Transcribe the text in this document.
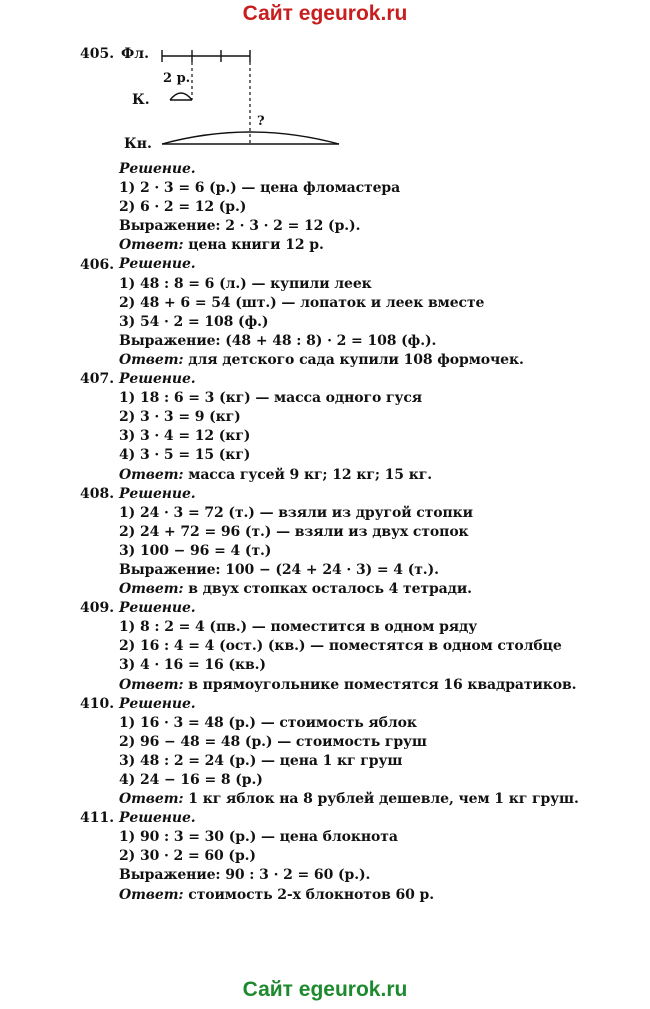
Сайт egeurok.ru
405. Фл.
К.
Кн.
2 р.
?
406.
407.
408.
409.
410.
411.
Решение.
1) 2 · 3 = 6 (р.) — цена фломастера
2) 6 · 2 = 12 (р.)
Выражение: 2 · 3 · 2 = 12 (р.).
Ответ: цена книги 12 р.
Решение.
1) 48 : 8 = 6 (л.) — купили леек
2) 48 + 6 = 54 (шт.) — лопаток и леек вместе
3) 54 · 2 = 108 (ф.)
Выражение: (48 + 48 : 8) · 2 = 108 (ф.).
Ответ: для детского сада купили 108 формочек.
Решение.
1) 18 : 6 = 3 (кг) — масса одного гуся
2) 3 · 3 = 9 (кг)
3) 3 · 4 = 12 (кг)
4) 3 · 5 = 15 (кг)
Ответ: масса гусей 9 кг; 12 кг; 15 кг.
Решение.
1) 24 · 3 = 72 (т.) — взяли из другой стопки
2) 24 + 72 = 96 (т.) — взяли из двух стопок
3) 100 − 96 = 4 (т.)
Выражение: 100 − (24 + 24 · 3) = 4 (т.).
Ответ: в двух стопках осталось 4 тетради.
Решение.
1) 8 : 2 = 4 (пв.) — поместится в одном ряду
2) 16 : 4 = 4 (ост.) (кв.) — поместятся в одном столбце
3) 4 · 16 = 16 (кв.)
Ответ: в прямоугольнике поместятся 16 квадратиков.
Решение.
1) 16 · 3 = 48 (р.) — стоимость яблок
2) 96 − 48 = 48 (р.) — стоимость груш
3) 48 : 2 = 24 (р.) — цена 1 кг груш
4) 24 − 16 = 8 (р.)
Ответ: 1 кг яблок на 8 рублей дешевле, чем 1 кг груш.
Решение.
1) 90 : 3 = 30 (р.) — цена блокнота
2) 30 · 2 = 60 (р.)
Выражение: 90 : 3 · 2 = 60 (р.).
Ответ: стоимость 2-х блокнотов 60 р.
Сайт egeurok.ru
